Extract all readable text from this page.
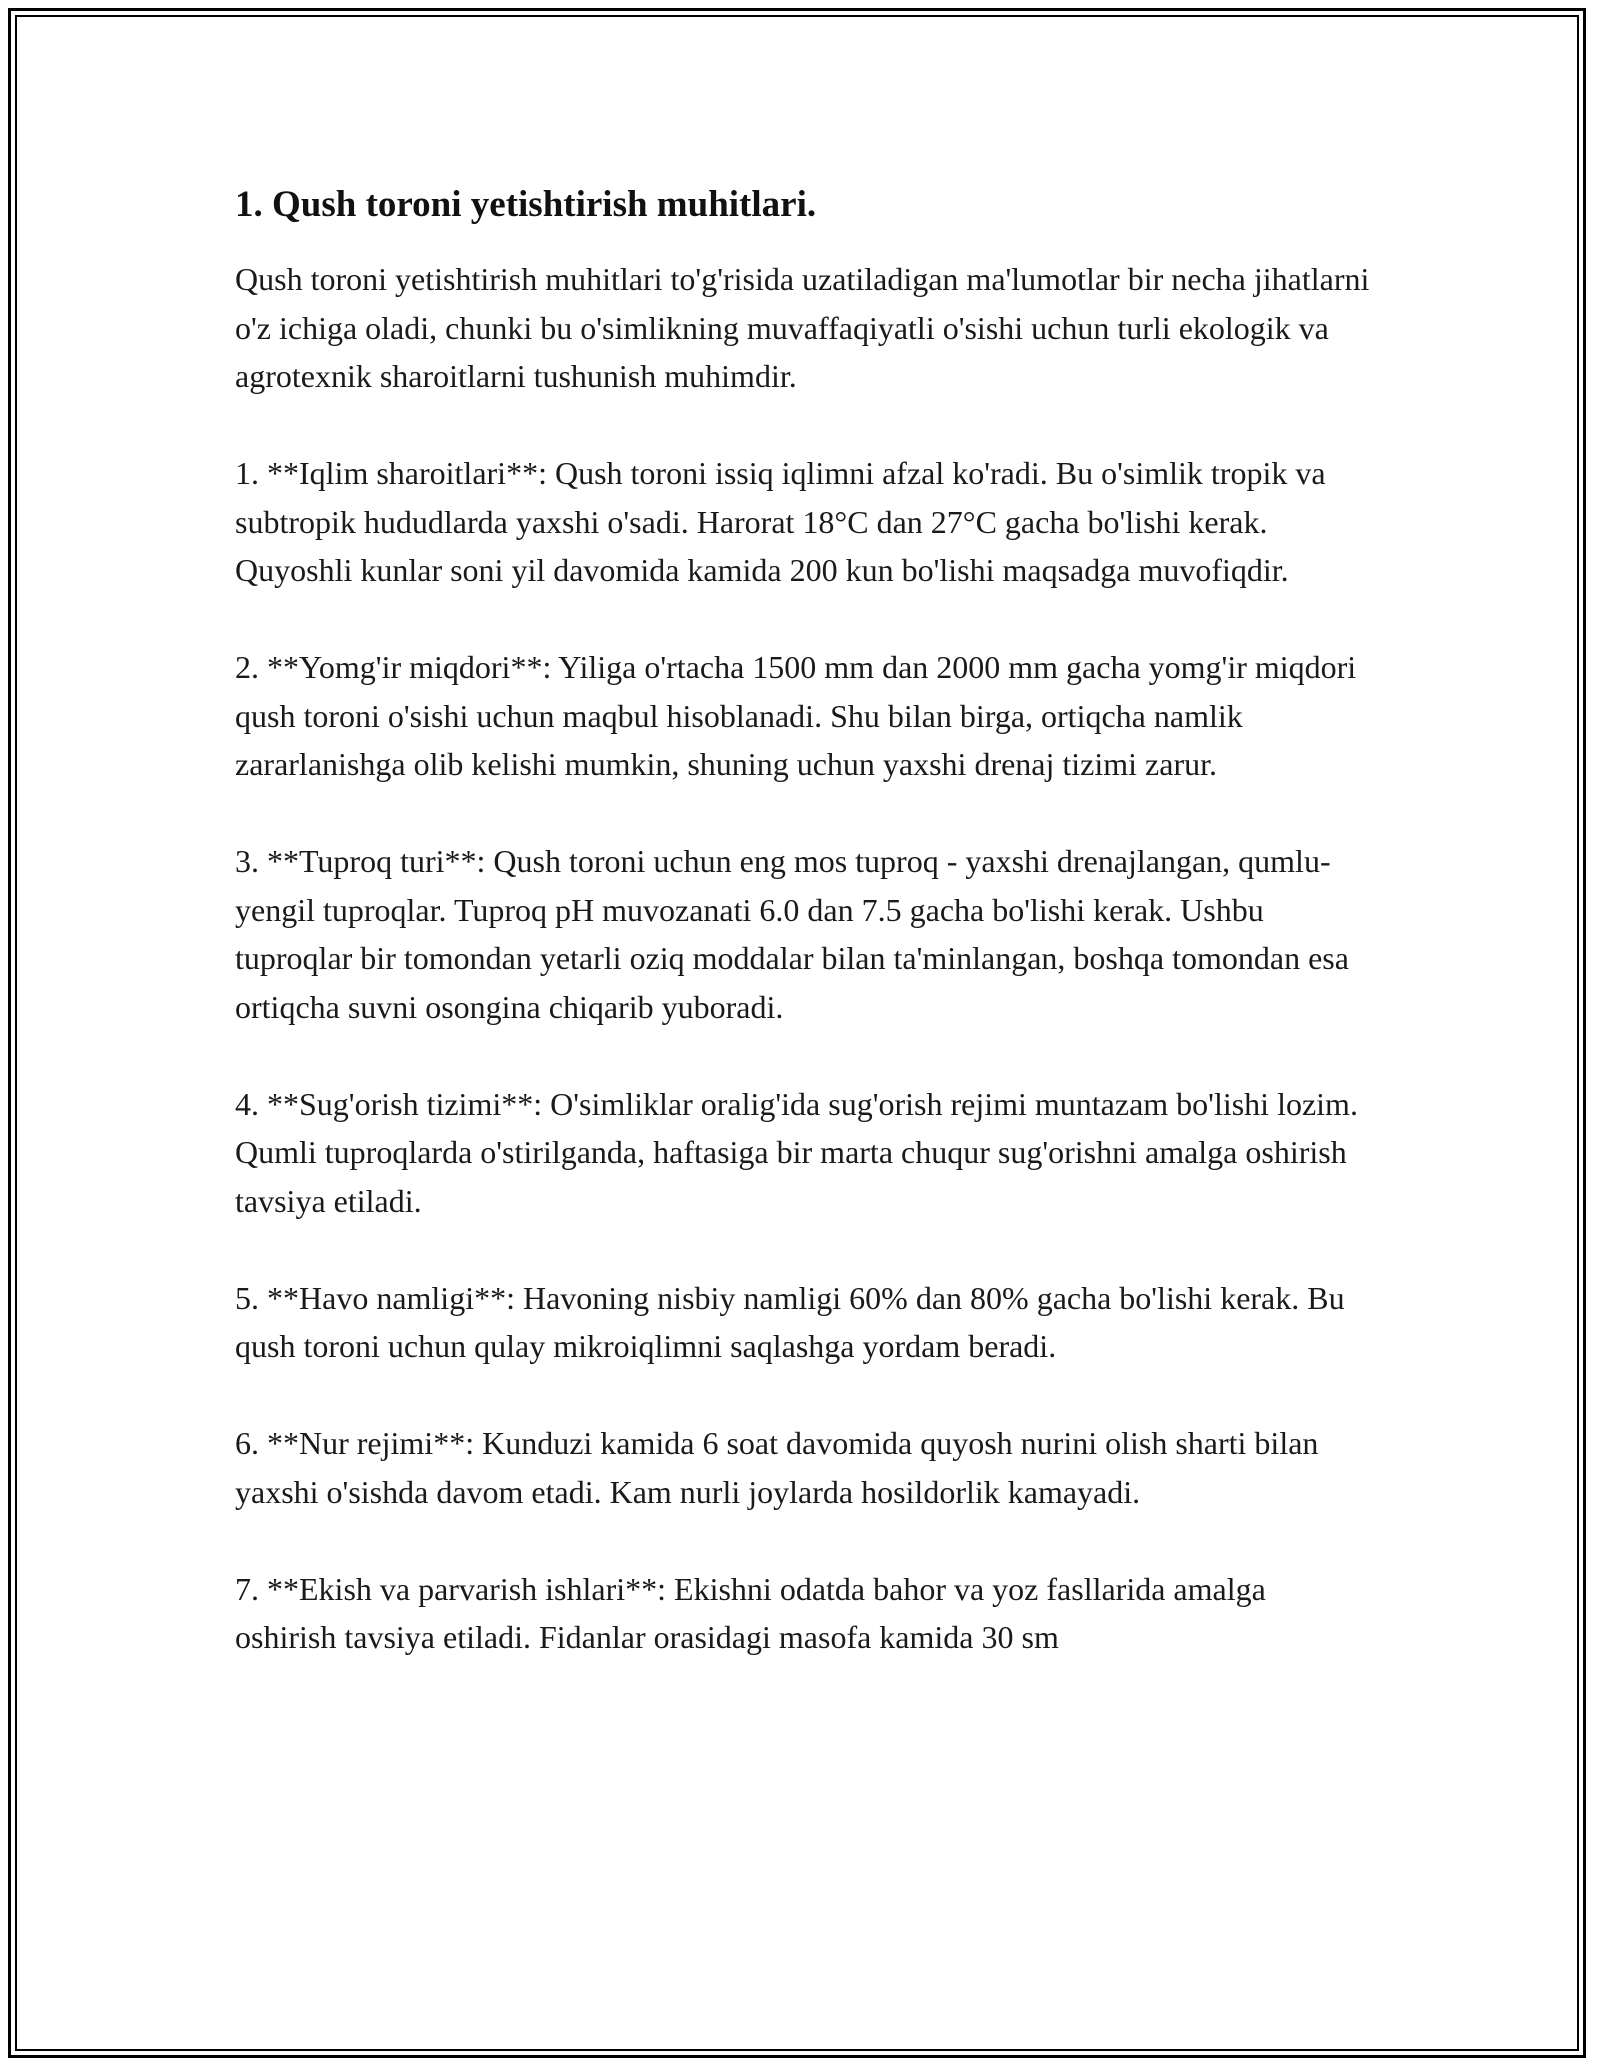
1. Qush toroni yetishtirish muhitlari.

Qush toroni yetishtirish muhitlari to'g'risida uzatiladigan ma'lumotlar bir necha jihatlarni o'z ichiga oladi, chunki bu o'simlikning muvaffaqiyatli o'sishi uchun turli ekologik va agrotexnik sharoitlarni tushunish muhimdir.

1. **Iqlim sharoitlari**: Qush toroni issiq iqlimni afzal ko'radi. Bu o'simlik tropik va subtropik hududlarda yaxshi o'sadi. Harorat 18°C dan 27°C gacha bo'lishi kerak. Quyoshli kunlar soni yil davomida kamida 200 kun bo'lishi maqsadga muvofiqdir.

2. **Yomg'ir miqdori**: Yiliga o'rtacha 1500 mm dan 2000 mm gacha yomg'ir miqdori qush toroni o'sishi uchun maqbul hisoblanadi. Shu bilan birga, ortiqcha namlik zararlanishga olib kelishi mumkin, shuning uchun yaxshi drenaj tizimi zarur.

3. **Tuproq turi**: Qush toroni uchun eng mos tuproq - yaxshi drenajlangan, qumlu-yengil tuproqlar. Tuproq pH muvozanati 6.0 dan 7.5 gacha bo'lishi kerak. Ushbu tuproqlar bir tomondan yetarli oziq moddalar bilan ta'minlangan, boshqa tomondan esa ortiqcha suvni osongina chiqarib yuboradi.

4. **Sug'orish tizimi**: O'simliklar oralig'ida sug'orish rejimi muntazam bo'lishi lozim. Qumli tuproqlarda o'stirilganda, haftasiga bir marta chuqur sug'orishni amalga oshirish tavsiya etiladi.

5. **Havo namligi**: Havoning nisbiy namligi 60% dan 80% gacha bo'lishi kerak. Bu qush toroni uchun qulay mikroiqlimni saqlashga yordam beradi.

6. **Nur rejimi**: Kunduzi kamida 6 soat davomida quyosh nurini olish sharti bilan yaxshi o'sishda davom etadi. Kam nurli joylarda hosildorlik kamayadi.

7. **Ekish va parvarish ishlari**: Ekishni odatda bahor va yoz fasllarida amalga oshirish tavsiya etiladi. Fidanlar orasidagi masofa kamida 30 sm
